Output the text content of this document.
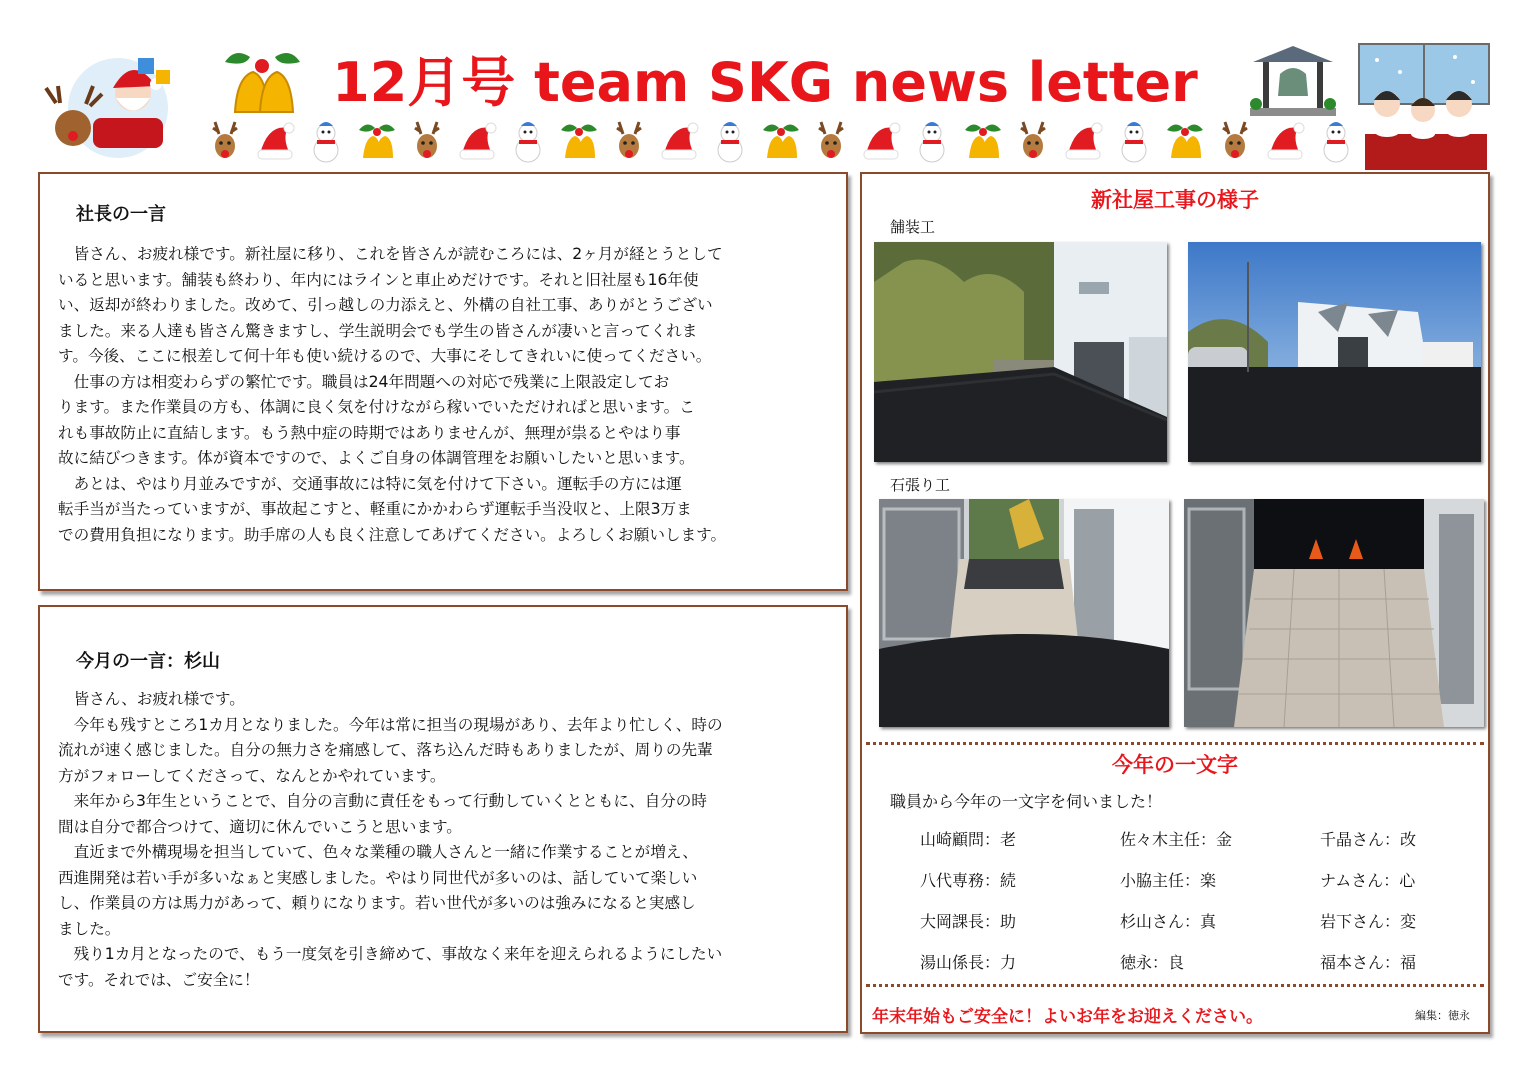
12月号 team SKG news letter
社長の一言

　皆さん、お疲れ様です。新社屋に移り、これを皆さんが読むころには、2ヶ月が経とうとして

いると思います。舗装も終わり、年内にはラインと車止めだけです。それと旧社屋も16年使

い、返却が終わりました。改めて、引っ越しの力添えと、外構の自社工事、ありがとうござい

ました。来る人達も皆さん驚きますし、学生説明会でも学生の皆さんが凄いと言ってくれま

す。今後、ここに根差して何十年も使い続けるので、大事にそしてきれいに使ってください。

　仕事の方は相変わらずの繁忙です。職員は24年問題への対応で残業に上限設定してお

ります。また作業員の方も、体調に良く気を付けながら稼いでいただければと思います。こ

れも事故防止に直結します。もう熱中症の時期ではありませんが、無理が祟るとやはり事

故に結びつきます。体が資本ですので、よくご自身の体調管理をお願いしたいと思います。

　あとは、やはり月並みですが、交通事故には特に気を付けて下さい。運転手の方には運

転手当が当たっていますが、事故起こすと、軽重にかかわらず運転手当没収と、上限3万ま

での費用負担になります。助手席の人も良く注意してあげてください。よろしくお願いします。

今月の一言：杉山

　皆さん、お疲れ様です。

　今年も残すところ1カ月となりました。今年は常に担当の現場があり、去年より忙しく、時の

流れが速く感じました。自分の無力さを痛感して、落ち込んだ時もありましたが、周りの先輩

方がフォローしてくださって、なんとかやれています。

　来年から3年生ということで、自分の言動に責任をもって行動していくとともに、自分の時

間は自分で都合つけて、適切に休んでいこうと思います。

　直近まで外構現場を担当していて、色々な業種の職人さんと一緒に作業することが増え、

西進開発は若い手が多いなぁと実感しました。やはり同世代が多いのは、話していて楽しい

し、作業員の方は馬力があって、頼りになります。若い世代が多いのは強みになると実感し

ました。

　残り1カ月となったので、もう一度気を引き締めて、事故なく来年を迎えられるようにしたい

です。それでは、ご安全に！

新社屋工事の様子
舗装工
石張り工
今年の一文字
職員から今年の一文字を伺いました！
山崎顧問：老	佐々木主任：金	千晶さん：改
八代専務：続	小脇主任：楽	ナムさん：心
大岡課長：助	杉山さん：真	岩下さん：変
湯山係長：力	徳永：良	福本さん：福
年末年始もご安全に！よいお年をお迎えください。	編集：徳永
